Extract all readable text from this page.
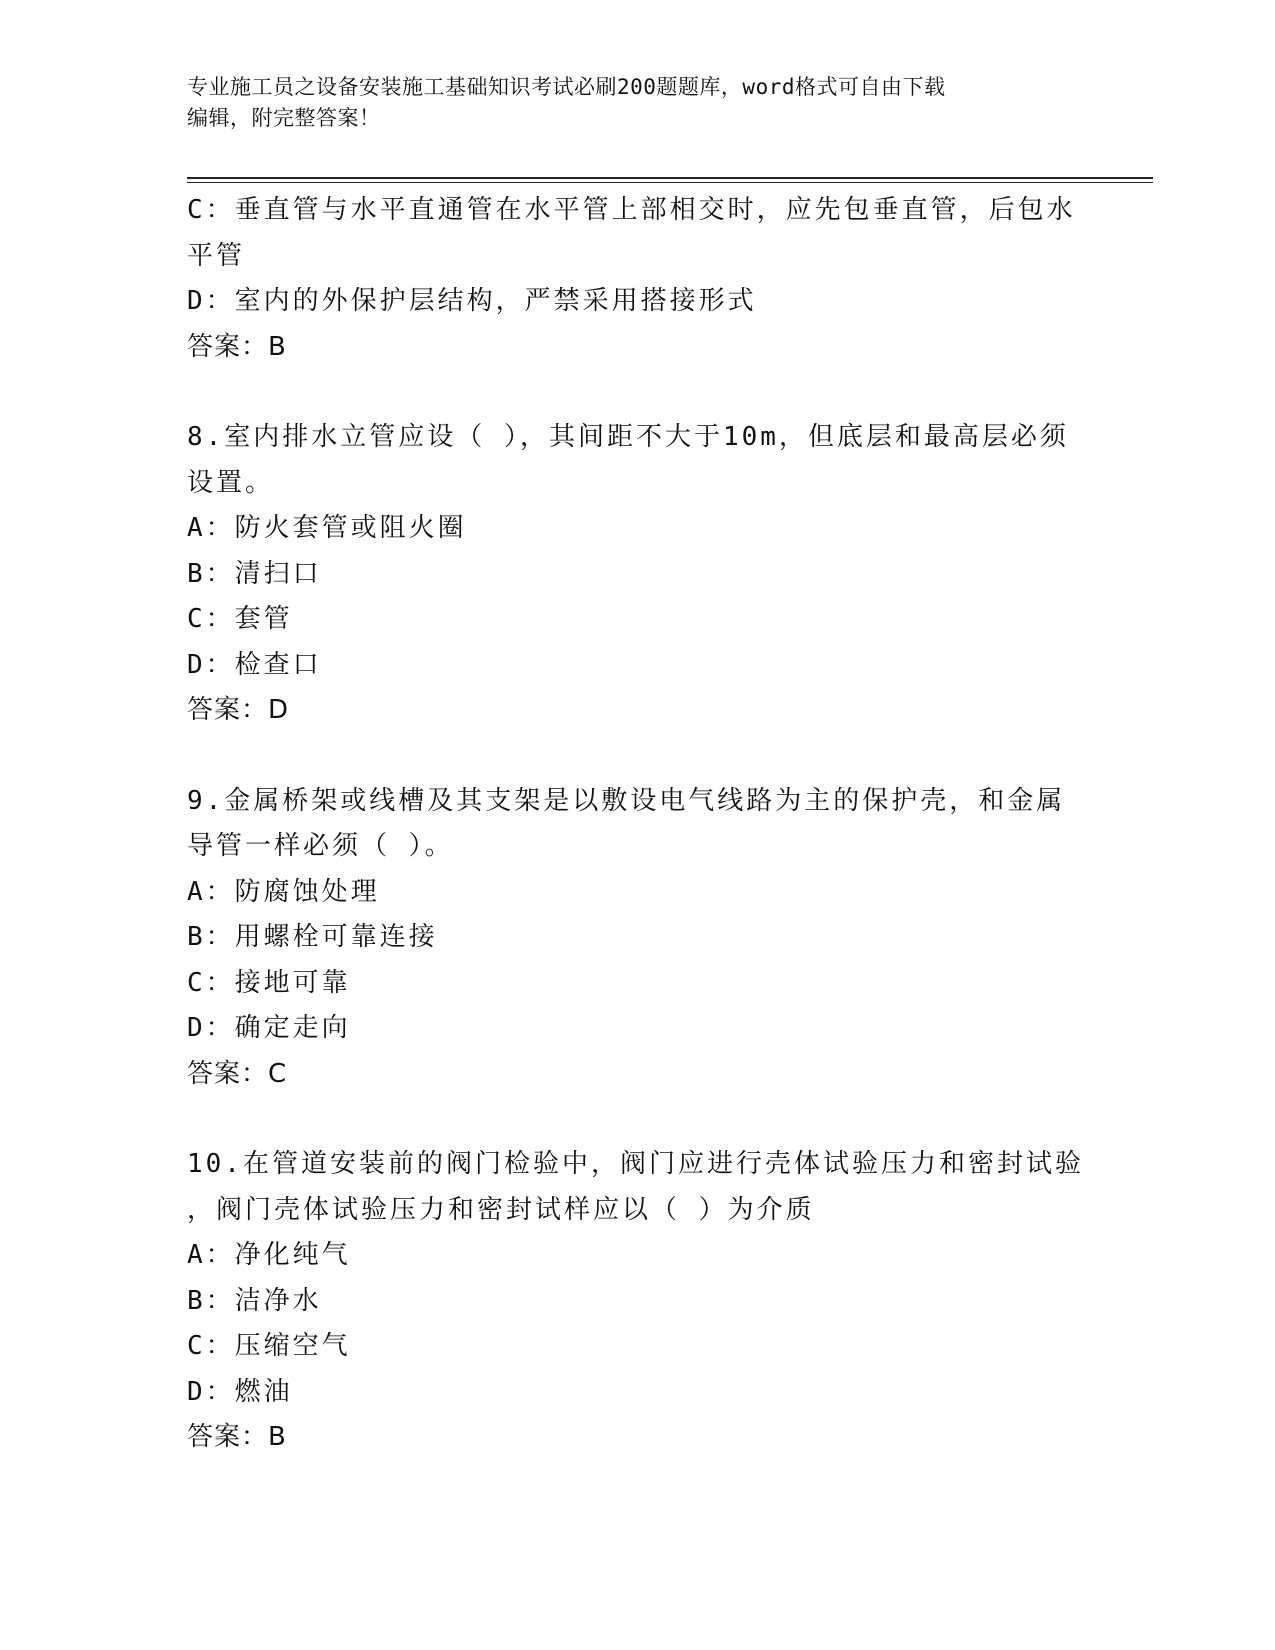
专业施工员之设备安装施工基础知识考试必刷200题题库，word格式可自由下载
编辑，附完整答案！
C：垂直管与水平直通管在水平管上部相交时，应先包垂直管，后包水
平管
D：室内的外保护层结构，严禁采用搭接形式
答案：B
8.室内排水立管应设（ ），其间距不大于10m，但底层和最高层必须
设置。
A：防火套管或阻火圈
B：清扫口
C：套管
D：检查口
答案：D
9.金属桥架或线槽及其支架是以敷设电气线路为主的保护壳，和金属
导管一样必须（ ）。
A：防腐蚀处理
B：用螺栓可靠连接
C：接地可靠
D：确定走向
答案：C
10.在管道安装前的阀门检验中，阀门应进行壳体试验压力和密封试验
，阀门壳体试验压力和密封试样应以（ ）为介质
A：净化纯气
B：洁净水
C：压缩空气
D：燃油
答案：B
